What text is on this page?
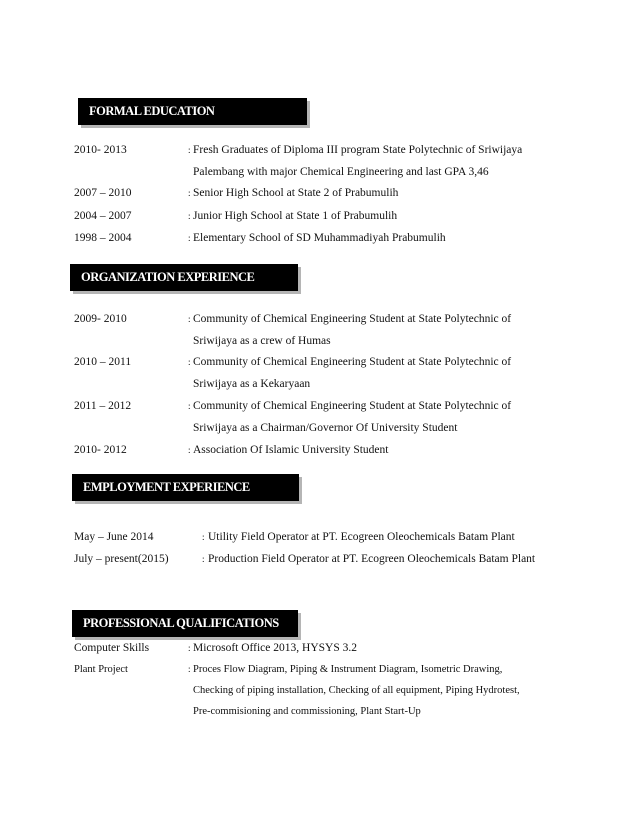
FORMAL EDUCATION
2010- 2013	: Fresh Graduates of Diploma III program State Polytechnic of Sriwijaya
Palembang with major Chemical Engineering and last GPA 3,46
2007 – 2010	: Senior High School at State 2 of Prabumulih
2004 – 2007	: Junior High School at State 1 of Prabumulih
1998 – 2004	: Elementary School of SD Muhammadiyah Prabumulih
ORGANIZATION EXPERIENCE
2009- 2010	: Community of Chemical Engineering Student at State Polytechnic of
Sriwijaya as a crew of Humas
2010 – 2011	: Community of Chemical Engineering Student at State Polytechnic of
Sriwijaya as a Kekaryaan
2011 – 2012	: Community of Chemical Engineering Student at State Polytechnic of
Sriwijaya as a Chairman/Governor Of University Student
2010- 2012	: Association Of Islamic University Student
EMPLOYMENT EXPERIENCE
May – June 2014	: Utility Field Operator at PT. Ecogreen Oleochemicals Batam Plant
July – present(2015)	: Production Field Operator at PT. Ecogreen Oleochemicals Batam Plant
PROFESSIONAL QUALIFICATIONS
Computer Skills	: Microsoft Office 2013, HYSYS 3.2
Plant Project	: Proces Flow Diagram, Piping & Instrument Diagram, Isometric Drawing,
Checking of piping installation, Checking of all equipment, Piping Hydrotest,
Pre-commisioning and commissioning, Plant Start-Up
